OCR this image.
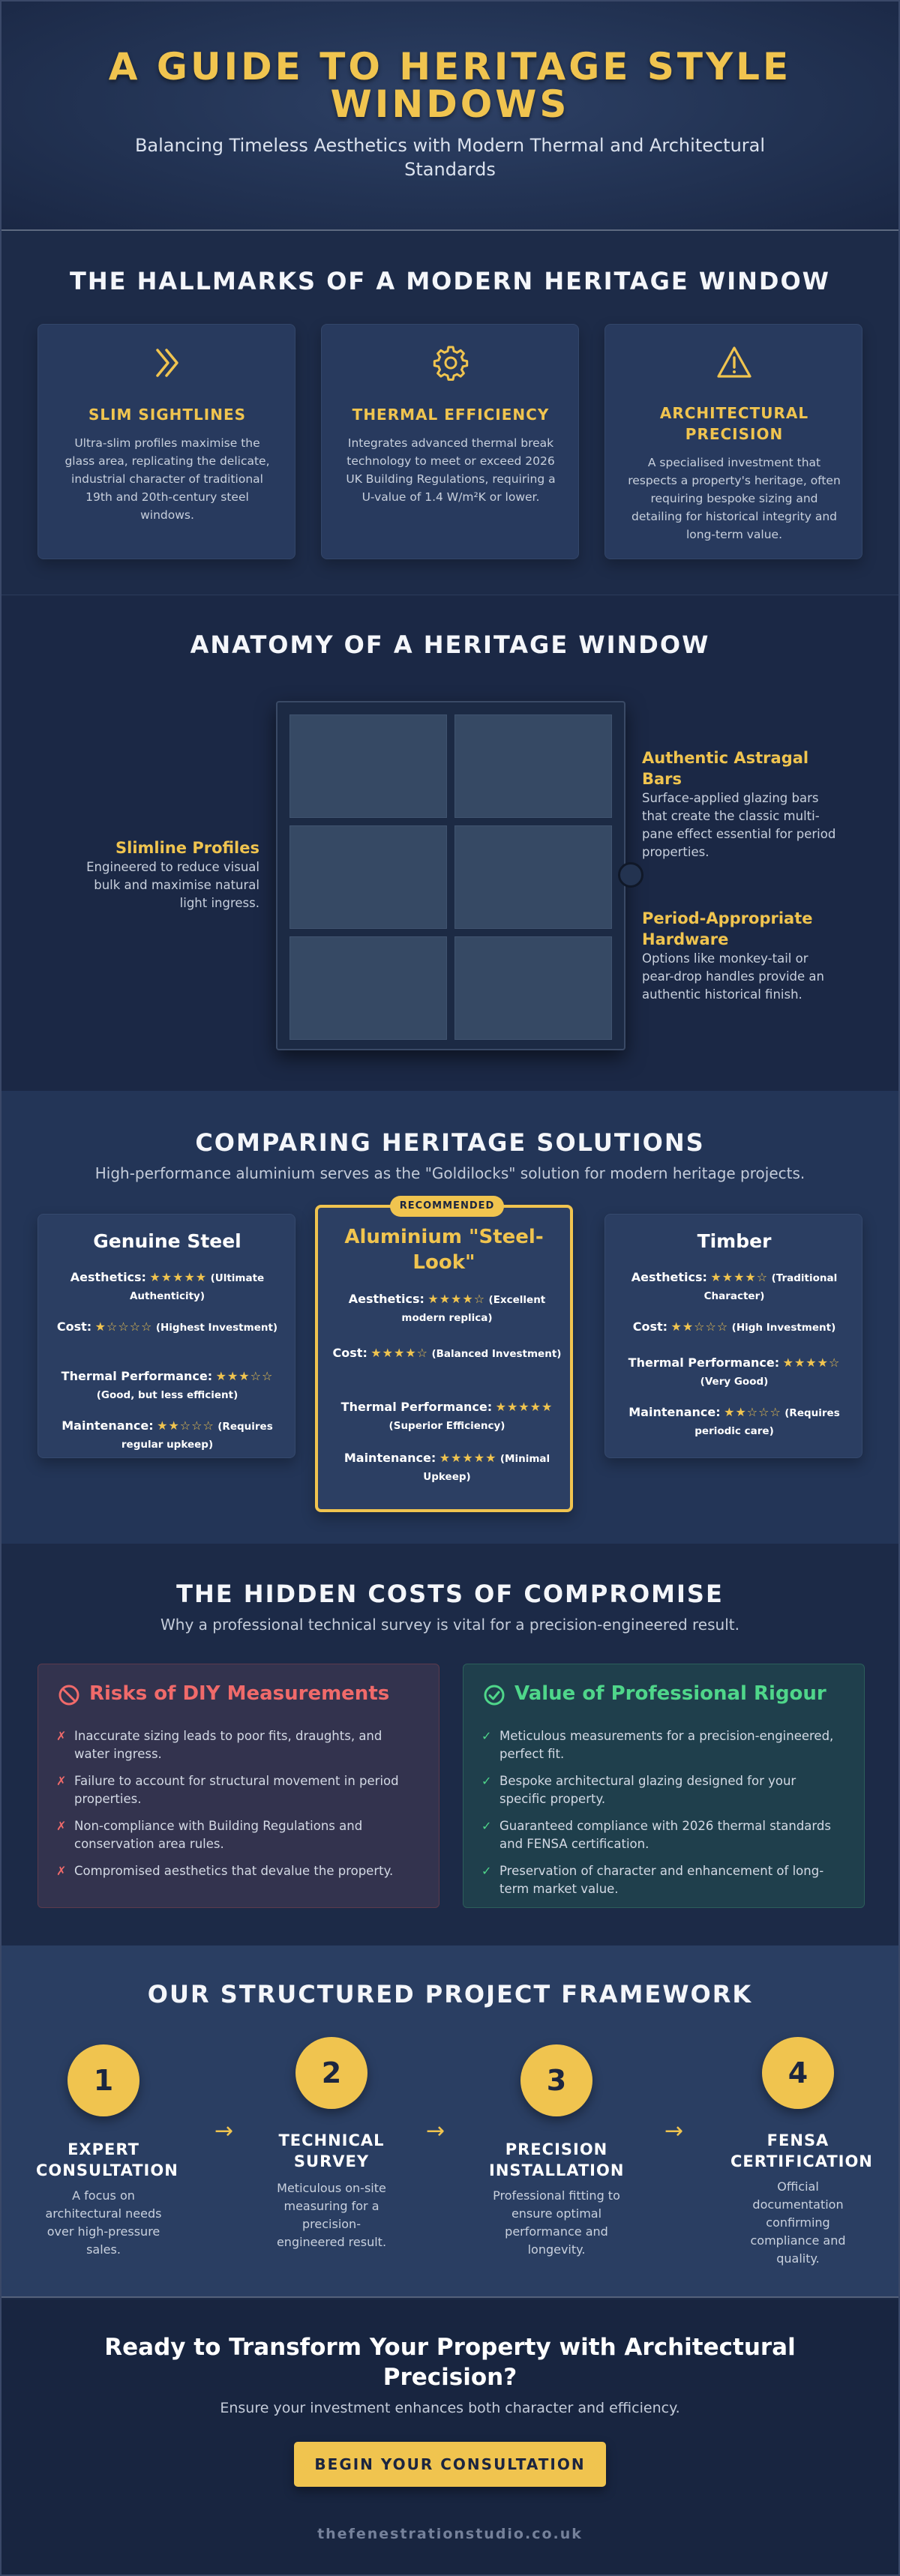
A GUIDE TO HERITAGE STYLE WINDOWS
Balancing Timeless Aesthetics with Modern Thermal and Architectural Standards
THE HALLMARKS OF A MODERN HERITAGE WINDOW
SLIM SIGHTLINES
Ultra-slim profiles maximise the glass area, replicating the delicate, industrial character of traditional 19th and 20th-century steel windows.
THERMAL EFFICIENCY
Integrates advanced thermal break technology to meet or exceed 2026 UK Building Regulations, requiring a U-value of 1.4 W/m²K or lower.
ARCHITECTURAL PRECISION
A specialised investment that respects a property's heritage, often requiring bespoke sizing and detailing for historical integrity and long-term value.
ANATOMY OF A HERITAGE WINDOW
Slimline Profiles
Engineered to reduce visual bulk and maximise natural light ingress.
Authentic Astragal Bars
Surface-applied glazing bars that create the classic multi-pane effect essential for period properties.
Period-Appropriate Hardware
Options like monkey-tail or pear-drop handles provide an authentic historical finish.
COMPARING HERITAGE SOLUTIONS
High-performance aluminium serves as the "Goldilocks" solution for modern heritage projects.
Genuine Steel
Aesthetics: ★★★★★ (Ultimate Authenticity)
Cost: ★☆☆☆☆ (Highest Investment)
Thermal Performance: ★★★☆☆ (Good, but less efficient)
Maintenance: ★★☆☆☆ (Requires regular upkeep)
RECOMMENDED
Aluminium "Steel-Look"
Aesthetics: ★★★★☆ (Excellent modern replica)
Cost: ★★★★☆ (Balanced Investment)
Thermal Performance: ★★★★★ (Superior Efficiency)
Maintenance: ★★★★★ (Minimal Upkeep)
Timber
Aesthetics: ★★★★☆ (Traditional Character)
Cost: ★★☆☆☆ (High Investment)
Thermal Performance: ★★★★☆ (Very Good)
Maintenance: ★★☆☆☆ (Requires periodic care)
THE HIDDEN COSTS OF COMPROMISE
Why a professional technical survey is vital for a precision-engineered result.
Risks of DIY Measurements
✗ Inaccurate sizing leads to poor fits, draughts, and water ingress.
✗ Failure to account for structural movement in period properties.
✗ Non-compliance with Building Regulations and conservation area rules.
✗ Compromised aesthetics that devalue the property.
Value of Professional Rigour
✓ Meticulous measurements for a precision-engineered, perfect fit.
✓ Bespoke architectural glazing designed for your specific property.
✓ Guaranteed compliance with 2026 thermal standards and FENSA certification.
✓ Preservation of character and enhancement of long-term market value.
OUR STRUCTURED PROJECT FRAMEWORK
1
EXPERT CONSULTATION
A focus on architectural needs over high-pressure sales.
→
2
TECHNICAL SURVEY
Meticulous on-site measuring for a precision-engineered result.
→
3
PRECISION INSTALLATION
Professional fitting to ensure optimal performance and longevity.
→
4
FENSA CERTIFICATION
Official documentation confirming compliance and quality.
Ready to Transform Your Property with Architectural Precision?
Ensure your investment enhances both character and efficiency.
BEGIN YOUR CONSULTATION
thefenestrationstudio.co.uk
